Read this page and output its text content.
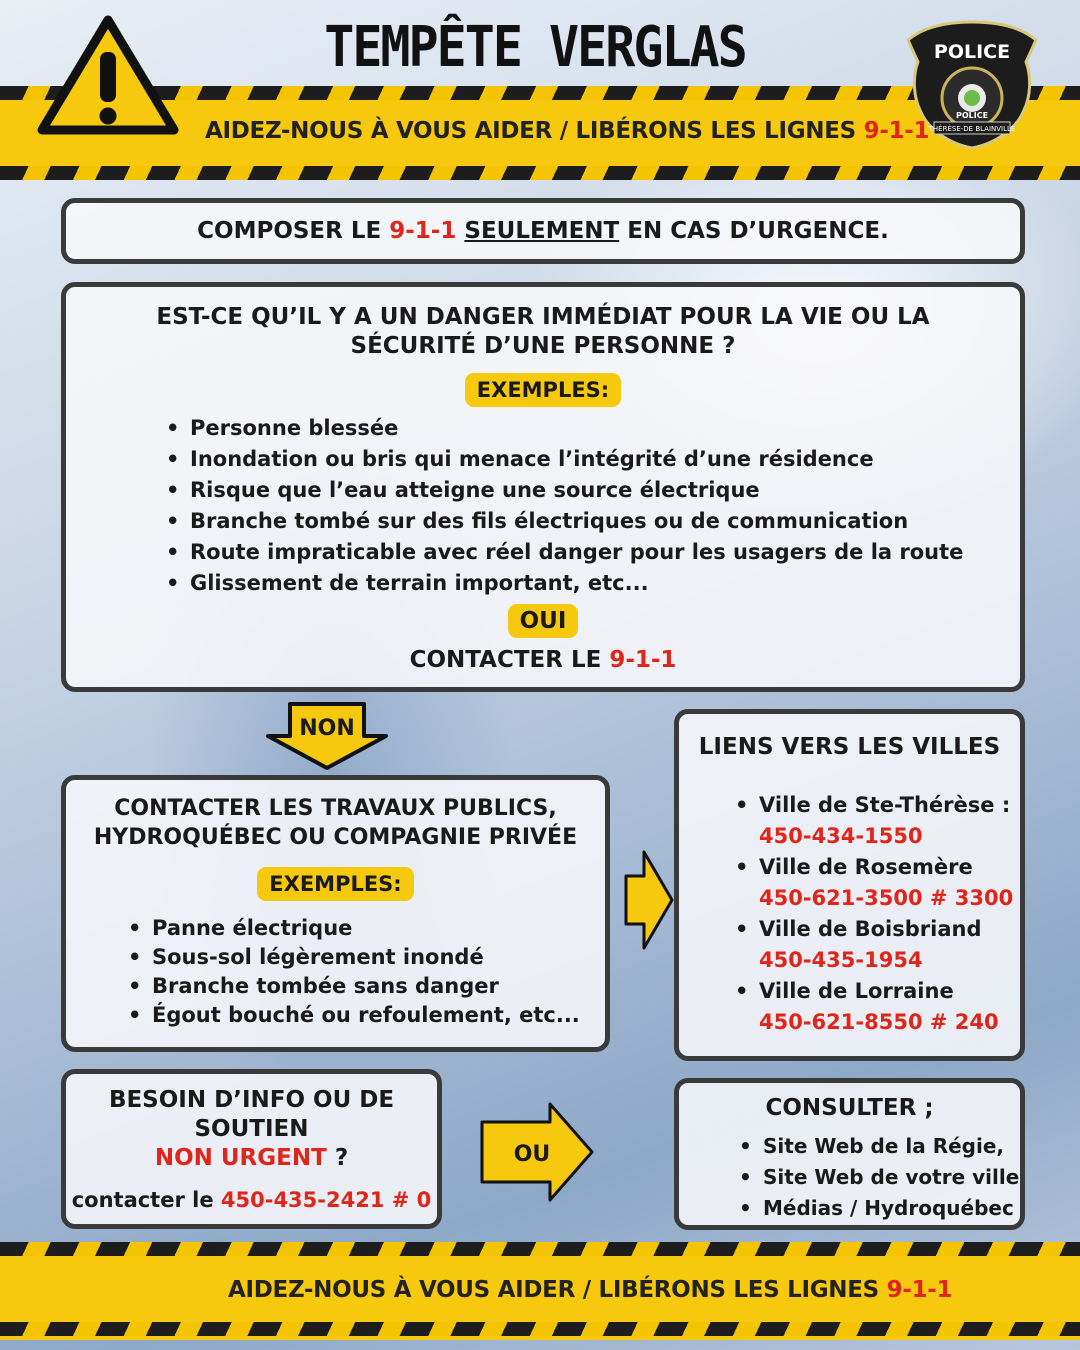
TEMPÊTE VERGLAS
AIDEZ-NOUS À VOUS AIDER / LIBÉRONS LES LIGNES 9-1-1
POLICE
THÉRÈSE-DE BLAINVILLE
POLICE
COMPOSER LE 9-1-1 SEULEMENT EN CAS D’URGENCE.
EST-CE QU’IL Y A UN DANGER IMMÉDIAT POUR LA VIE OU LA SÉCURITÉ D’UNE PERSONNE ?
EXEMPLES:
• Personne blessée
• Inondation ou bris qui menace l’intégrité d’une résidence
• Risque que l’eau atteigne une source électrique
• Branche tombé sur des fils électriques ou de communication
• Route impraticable avec réel danger pour les usagers de la route
• Glissement de terrain important, etc...
OUI
CONTACTER LE 9-1-1
NON
CONTACTER LES TRAVAUX PUBLICS,
HYDROQUÉBEC OU COMPAGNIE PRIVÉE
EXEMPLES:
• Panne électrique
• Sous-sol légèrement inondé
• Branche tombée sans danger
• Égout bouché ou refoulement, etc...
LIENS VERS LES VILLES
• Ville de Ste-Thérèse :
450-434-1550
• Ville de Rosemère
450-621-3500 # 3300
• Ville de Boisbriand
450-435-1954
• Ville de Lorraine
450-621-8550 # 240
BESOIN D’INFO OU DE
SOUTIEN
NON URGENT ?
contacter le 450-435-2421 # 0
OU
CONSULTER ;
• Site Web de la Régie,
• Site Web de votre ville
• Médias / Hydroquébec
AIDEZ-NOUS À VOUS AIDER / LIBÉRONS LES LIGNES 9-1-1
